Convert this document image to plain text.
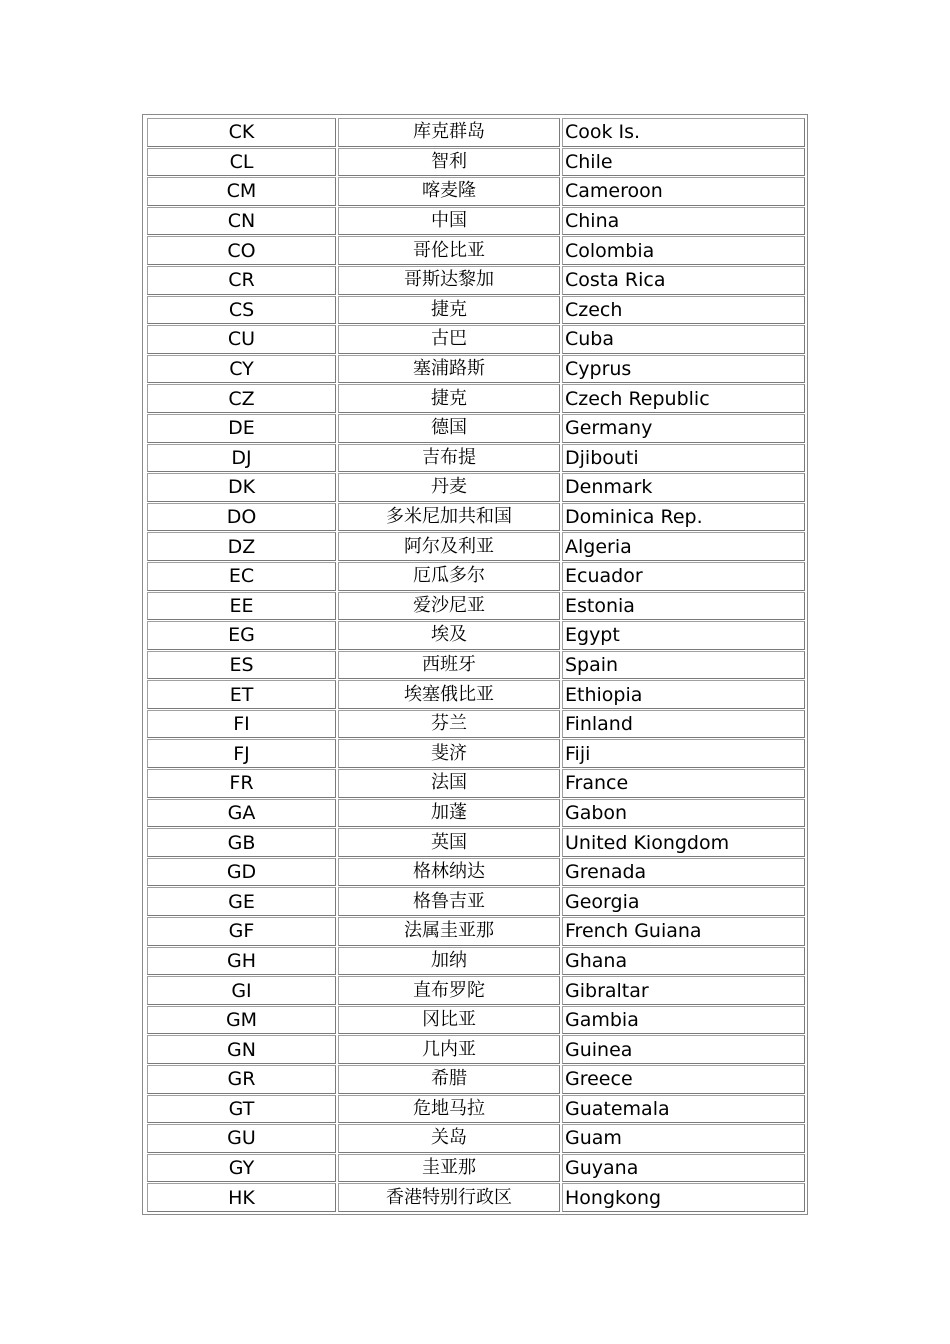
CK	库克群岛	Cook Is.
CL	智利	Chile
CM	喀麦隆	Cameroon
CN	中国	China
CO	哥伦比亚	Colombia
CR	哥斯达黎加	Costa Rica
CS	捷克	Czech
CU	古巴	Cuba
CY	塞浦路斯	Cyprus
CZ	捷克	Czech Republic
DE	德国	Germany
DJ	吉布提	Djibouti
DK	丹麦	Denmark
DO	多米尼加共和国	Dominica Rep.
DZ	阿尔及利亚	Algeria
EC	厄瓜多尔	Ecuador
EE	爱沙尼亚	Estonia
EG	埃及	Egypt
ES	西班牙	Spain
ET	埃塞俄比亚	Ethiopia
FI	芬兰	Finland
FJ	斐济	Fiji
FR	法国	France
GA	加蓬	Gabon
GB	英国	United Kiongdom
GD	格林纳达	Grenada
GE	格鲁吉亚	Georgia
GF	法属圭亚那	French Guiana
GH	加纳	Ghana
GI	直布罗陀	Gibraltar
GM	冈比亚	Gambia
GN	几内亚	Guinea
GR	希腊	Greece
GT	危地马拉	Guatemala
GU	关岛	Guam
GY	圭亚那	Guyana
HK	香港特别行政区	Hongkong
